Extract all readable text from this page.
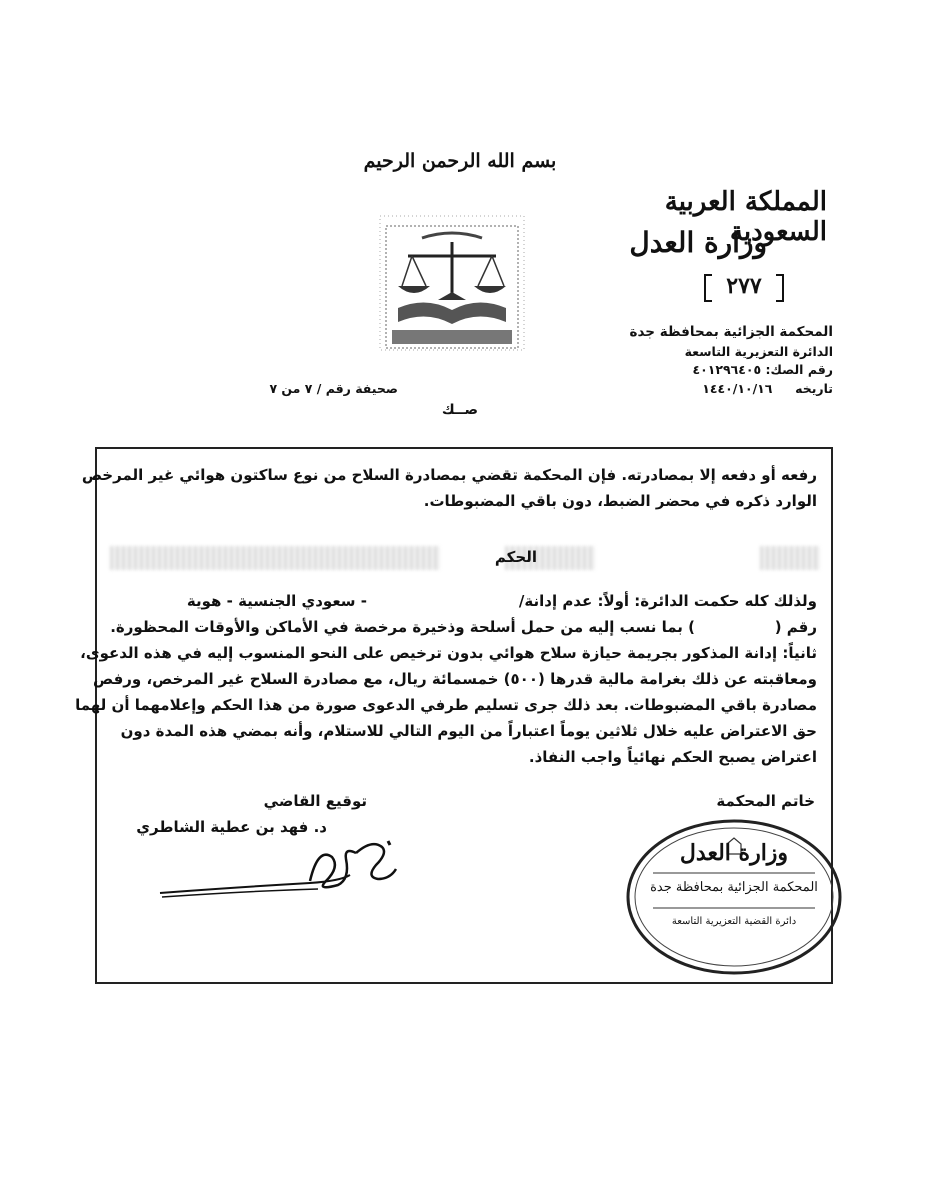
بسم الله الرحمن الرحيم
المملكة العربية السعودية
وزارة العدل
٢٧٧
المحكمة الجزائية بمحافظة جدة
الدائرة التعزيرية التاسعة
رقم الصك: ٤٠١٢٩٦٤٠٥
تاريخه  ١٤٤٠/١٠/١٦
صحيفة رقم / ٧ من ٧
صــك
رفعه أو دفعه إلا بمصادرته. فإن المحكمة تقضي بمصادرة السلاح من نوع ساكتون هوائي غير المرخص
الوارد ذكره في محضر الضبط، دون باقي المضبوطات.
الحكم
ولذلك كله حكمت الدائرة: أولاً: عدم إدانة/
- سعودي الجنسية - هوية
رقم (
) بما نسب إليه من حمل أسلحة وذخيرة مرخصة في الأماكن والأوقات المحظورة.
ثانياً: إدانة المذكور بجريمة حيازة سلاح هوائي بدون ترخيص على النحو المنسوب إليه في هذه الدعوى،
ومعاقبته عن ذلك بغرامة مالية قدرها (٥٠٠) خمسمائة ريال، مع مصادرة السلاح غير المرخص، ورفص
مصادرة باقي المضبوطات. بعد ذلك جرى تسليم طرفي الدعوى صورة من هذا الحكم وإعلامهما أن لهما
حق الاعتراض عليه خلال ثلاثين يوماً اعتباراً من اليوم التالي للاستلام، وأنه بمضي هذه المدة دون
اعتراض يصبح الحكم نهائياً واجب النفاذ.
خاتم المحكمة
توقيع القاضي
د. فهد بن عطية الشاطري
وزارة العدل
المحكمة الجزائية بمحافظة جدة
دائرة القضية التعزيرية التاسعة
